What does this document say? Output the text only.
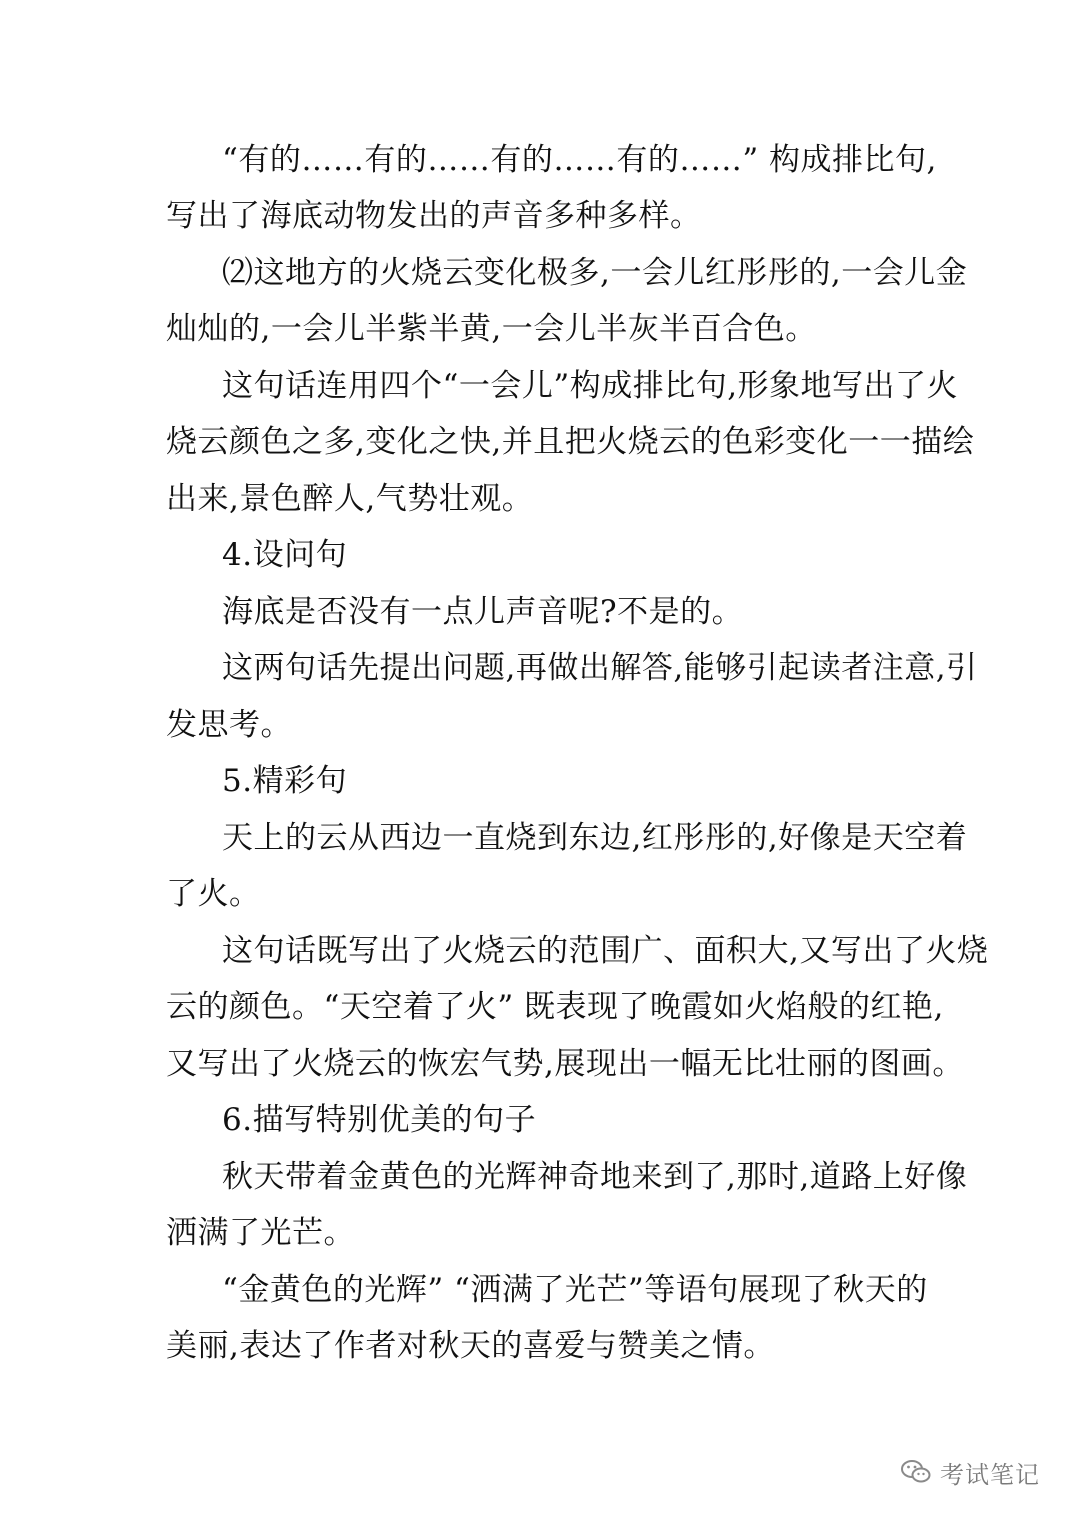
“有的……有的……有的……有的……” 构成排比句,
写出了海底动物发出的声音多种多样。
⑵这地方的火烧云变化极多,一会儿红彤彤的,一会儿金
灿灿的,一会儿半紫半黄,一会儿半灰半百合色。
这句话连用四个“一会儿”构成排比句,形象地写出了火
烧云颜色之多,变化之快,并且把火烧云的色彩变化一一描绘
出来,景色醉人,气势壮观。
4.设问句
海底是否没有一点儿声音呢?不是的。
这两句话先提出问题,再做出解答,能够引起读者注意,引
发思考。
5.精彩句
天上的云从西边一直烧到东边,红彤彤的,好像是天空着
了火。
这句话既写出了火烧云的范围广、面积大,又写出了火烧
云的颜色。“天空着了火” 既表现了晚霞如火焰般的红艳,
又写出了火烧云的恢宏气势,展现出一幅无比壮丽的图画。
6.描写特别优美的句子
秋天带着金黄色的光辉神奇地来到了,那时,道路上好像
洒满了光芒。
“金黄色的光辉” “洒满了光芒”等语句展现了秋天的
美丽,表达了作者对秋天的喜爱与赞美之情。
考试笔记
